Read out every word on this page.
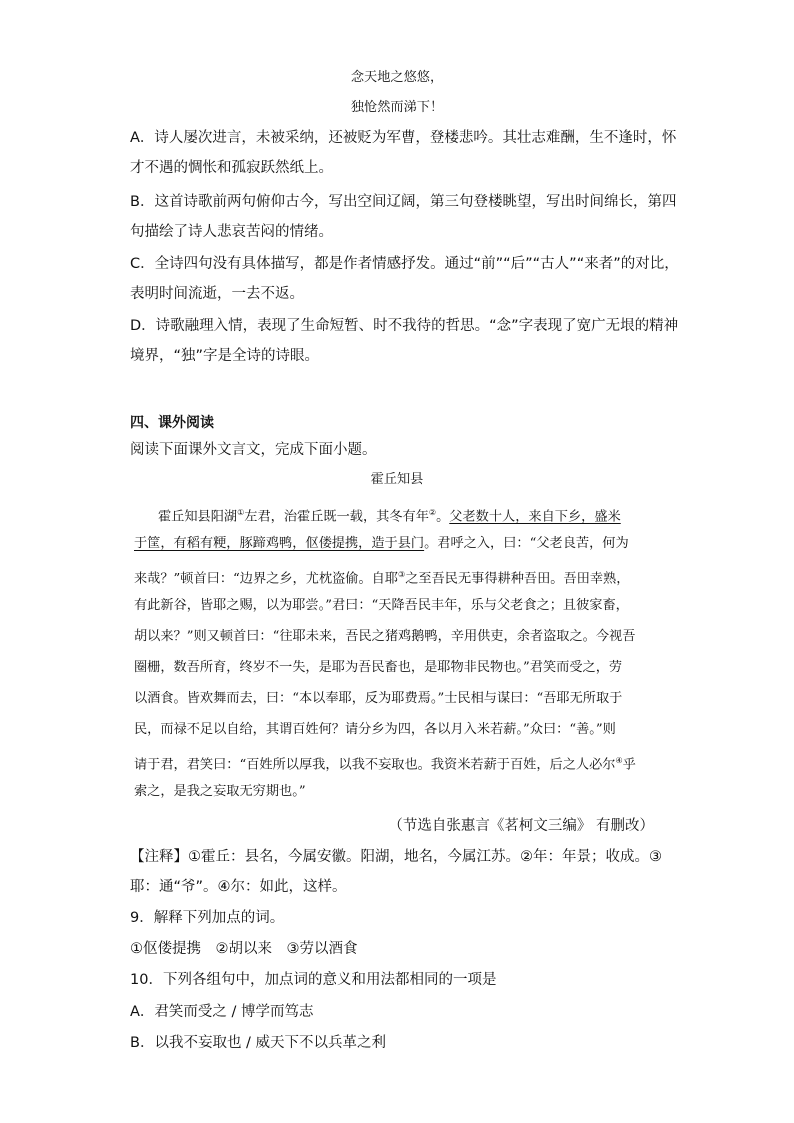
念天地之悠悠，
独怆然而涕下！
A．诗人屡次进言，未被采纳，还被贬为军曹，登楼悲吟。其壮志难酬，生不逢时，怀
才不遇的惆怅和孤寂跃然纸上。
B．这首诗歌前两句俯仰古今，写出空间辽阔，第三句登楼眺望，写出时间绵长，第四
句描绘了诗人悲哀苦闷的情绪。
C．全诗四句没有具体描写，都是作者情感抒发。通过“前”“后”“古人”“来者”的对比，
表明时间流逝，一去不返。
D．诗歌融理入情，表现了生命短暂、时不我待的哲思。“念”字表现了宽广无垠的精神
境界，“独”字是全诗的诗眼。
四、课外阅读
阅读下面课外文言文，完成下面小题。
霍丘知县
霍丘知县阳湖①左君，治霍丘既一载，其冬有年②。父老数十人，来自下乡，盛米
于筐，有稻有粳，豚蹄鸡鸭，伛偻提携，造于县门。君呼之入，曰：“父老良苦，何为
来哉？”顿首曰：“边界之乡，尤枕盗偷。自耶③之至吾民无事得耕种吾田。吾田幸熟，
有此新谷，皆耶之赐，以为耶尝。”君曰：“天降吾民丰年，乐与父老食之；且彼家畜，
胡以来？”则又顿首曰：“往耶未来，吾民之猪鸡鹅鸭，辛用供吏，余者盗取之。今视吾
圈栅，数吾所育，终岁不一失，是耶为吾民畜也，是耶物非民物也。”君笑而受之，劳
以酒食。皆欢舞而去，曰：“本以奉耶，反为耶费焉。”士民相与谋曰：“吾耶无所取于
民，而禄不足以自给，其谓百姓何？请分乡为四，各以月入米若薪。”众曰：“善。”则
请于君，君笑曰：“百姓所以厚我，以我不妄取也。我资米若薪于百姓，后之人必尔④乎
索之，是我之妄取无穷期也。”
（节选自张惠言《茗柯文三编》 有删改）
【注释】①霍丘：县名，今属安徽。阳湖，地名，今属江苏。②年：年景；收成。③
耶：通“爷”。④尔：如此，这样。
9．解释下列加点的词。
①伛偻提携　②胡以来　③劳以酒食
10．下列各组句中，加点词的意义和用法都相同的一项是
A．君笑而受之 / 博学而笃志
B．以我不妄取也 / 威天下不以兵革之利
